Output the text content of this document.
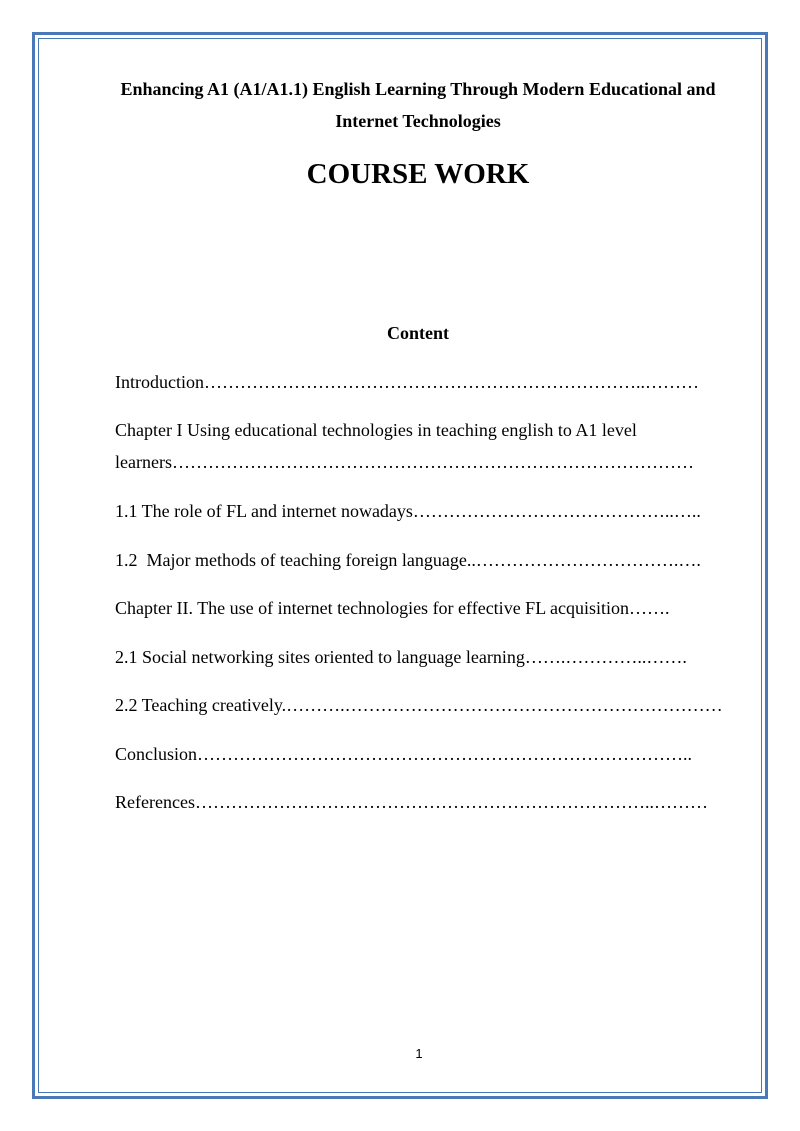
Enhancing A1 (A1/A1.1) English Learning Through Modern Educational and Internet Technologies
COURSE WORK
Content
Introduction………………………………………………………………..………
Chapter I Using educational technologies in teaching english to A1 level learners……………………………………………………………………………
1.1 The role of FL and internet nowadays……………………………………..…..
1.2  Major methods of teaching foreign language..…………………………….….
Chapter II. The use of internet technologies for effective FL acquisition…….
2.1 Social networking sites oriented to language learning…….…………..…….
2.2 Teaching creatively.……….………………………………………………………
Conclusion………………………………………………………………………..
References…………………………………………………………………..………
1
